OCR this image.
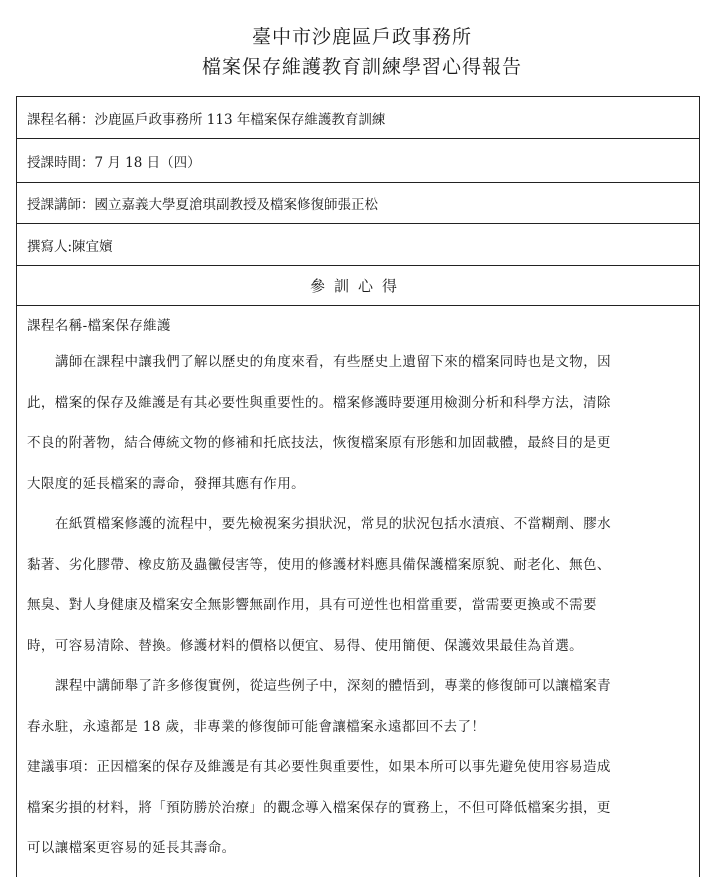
臺中市沙鹿區戶政事務所
檔案保存維護教育訓練學習心得報告
課程名稱：沙鹿區戶政事務所 113 年檔案保存維護教育訓練
授課時間：7 月 18 日（四）
授課講師：國立嘉義大學夏滄琪副教授及檔案修復師張正松
撰寫人:陳宜嬪
參訓心得

課程名稱-檔案保存維護

講師在課程中讓我們了解以歷史的角度來看，有些歷史上遺留下來的檔案同時也是文物，因
此，檔案的保存及維護是有其必要性與重要性的。檔案修護時要運用檢測分析和科學方法，清除
不良的附著物，結合傳統文物的修補和托底技法，恢復檔案原有形態和加固載體，最終目的是更
大限度的延長檔案的壽命，發揮其應有作用。

在紙質檔案修護的流程中，要先檢視案劣損狀況，常見的狀況包括水漬痕、不當糊劑、膠水
黏著、劣化膠帶、橡皮筋及蟲黴侵害等，使用的修護材料應具備保護檔案原貌、耐老化、無色、
無臭、對人身健康及檔案安全無影響無副作用，具有可逆性也相當重要，當需要更換或不需要
時，可容易清除、替換。修護材料的價格以便宜、易得、使用簡便、保護效果最佳為首選。

課程中講師舉了許多修復實例，從這些例子中，深刻的體悟到，專業的修復師可以讓檔案青
春永駐，永遠都是 18 歲，非專業的修復師可能會讓檔案永遠都回不去了！

建議事項：正因檔案的保存及維護是有其必要性與重要性，如果本所可以事先避免使用容易造成
檔案劣損的材料，將「預防勝於治療」的觀念導入檔案保存的實務上，不但可降低檔案劣損，更
可以讓檔案更容易的延長其壽命。
